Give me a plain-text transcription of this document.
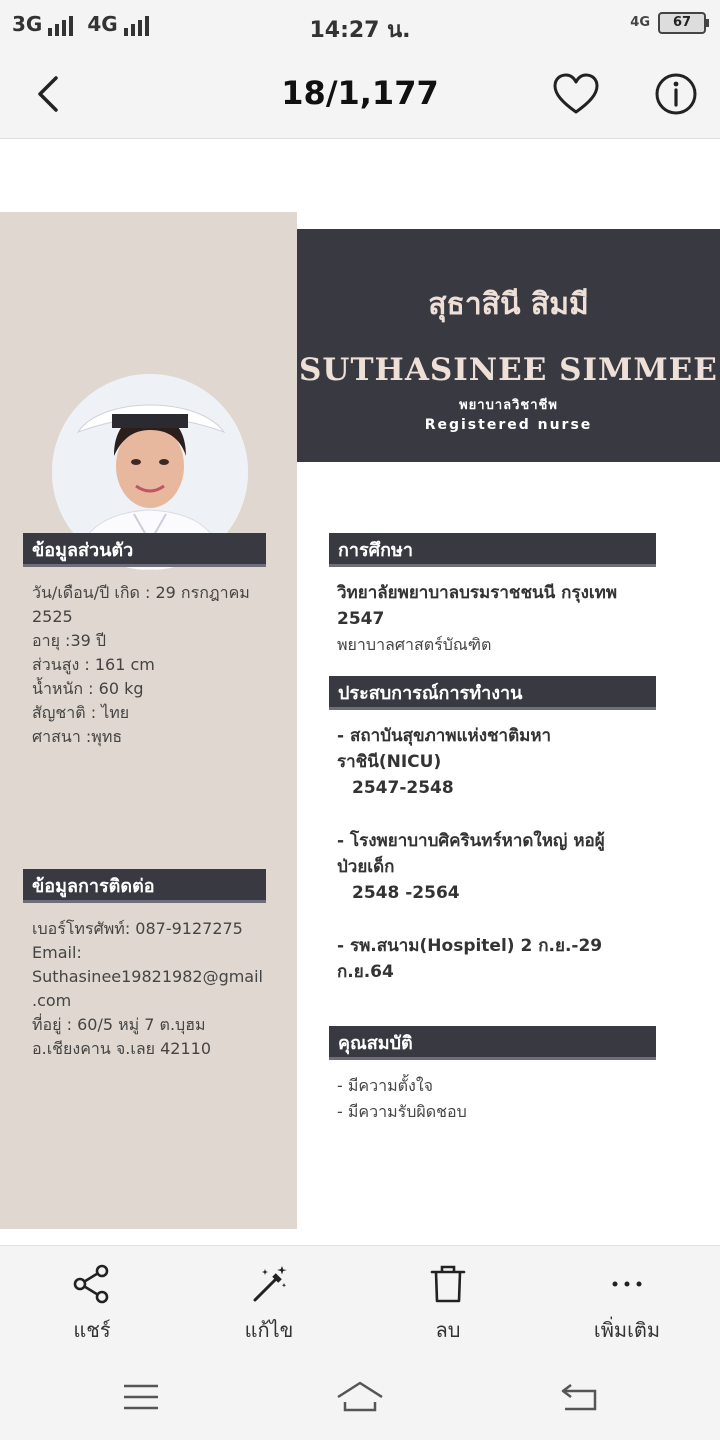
3G 4G	14:27 น.	4G	67
18/1,177
สุธาสินี สิมมี
SUTHASINEE SIMMEE
พยาบาลวิชาชีพ
Registered nurse
ข้อมูลส่วนตัว
วัน/เดือน/ปี เกิด : 29 กรกฎาคม
2525
อายุ :39 ปี
ส่วนสูง : 161 cm
น้ำหนัก : 60 kg
สัญชาติ : ไทย
ศาสนา :พุทธ
ข้อมูลการติดต่อ
เบอร์โทรศัพท์: 087-9127275
Email:
Suthasinee19821982@gmail
.com
ที่อยู่ : 60/5 หมู่ 7 ต.บุฮม
อ.เชียงคาน จ.เลย 42110
การศึกษา
วิทยาลัยพยาบาลบรมราชชนนี กรุงเทพ
2547
พยาบาลศาสตร์บัณฑิต
ประสบการณ์การทำงาน
- สถาบันสุขภาพแห่งชาติมหา
ราชินี(NICU)
2547-2548
- โรงพยาบาบศิครินทร์หาดใหญ่ หอผู้
ป่วยเด็ก
2548 -2564
- รพ.สนาม(Hospitel) 2 ก.ย.-29
ก.ย.64
คุณสมบัติ
- มีความตั้งใจ
- มีความรับผิดชอบ
แชร์	แก้ไข	ลบ	เพิ่มเติม
